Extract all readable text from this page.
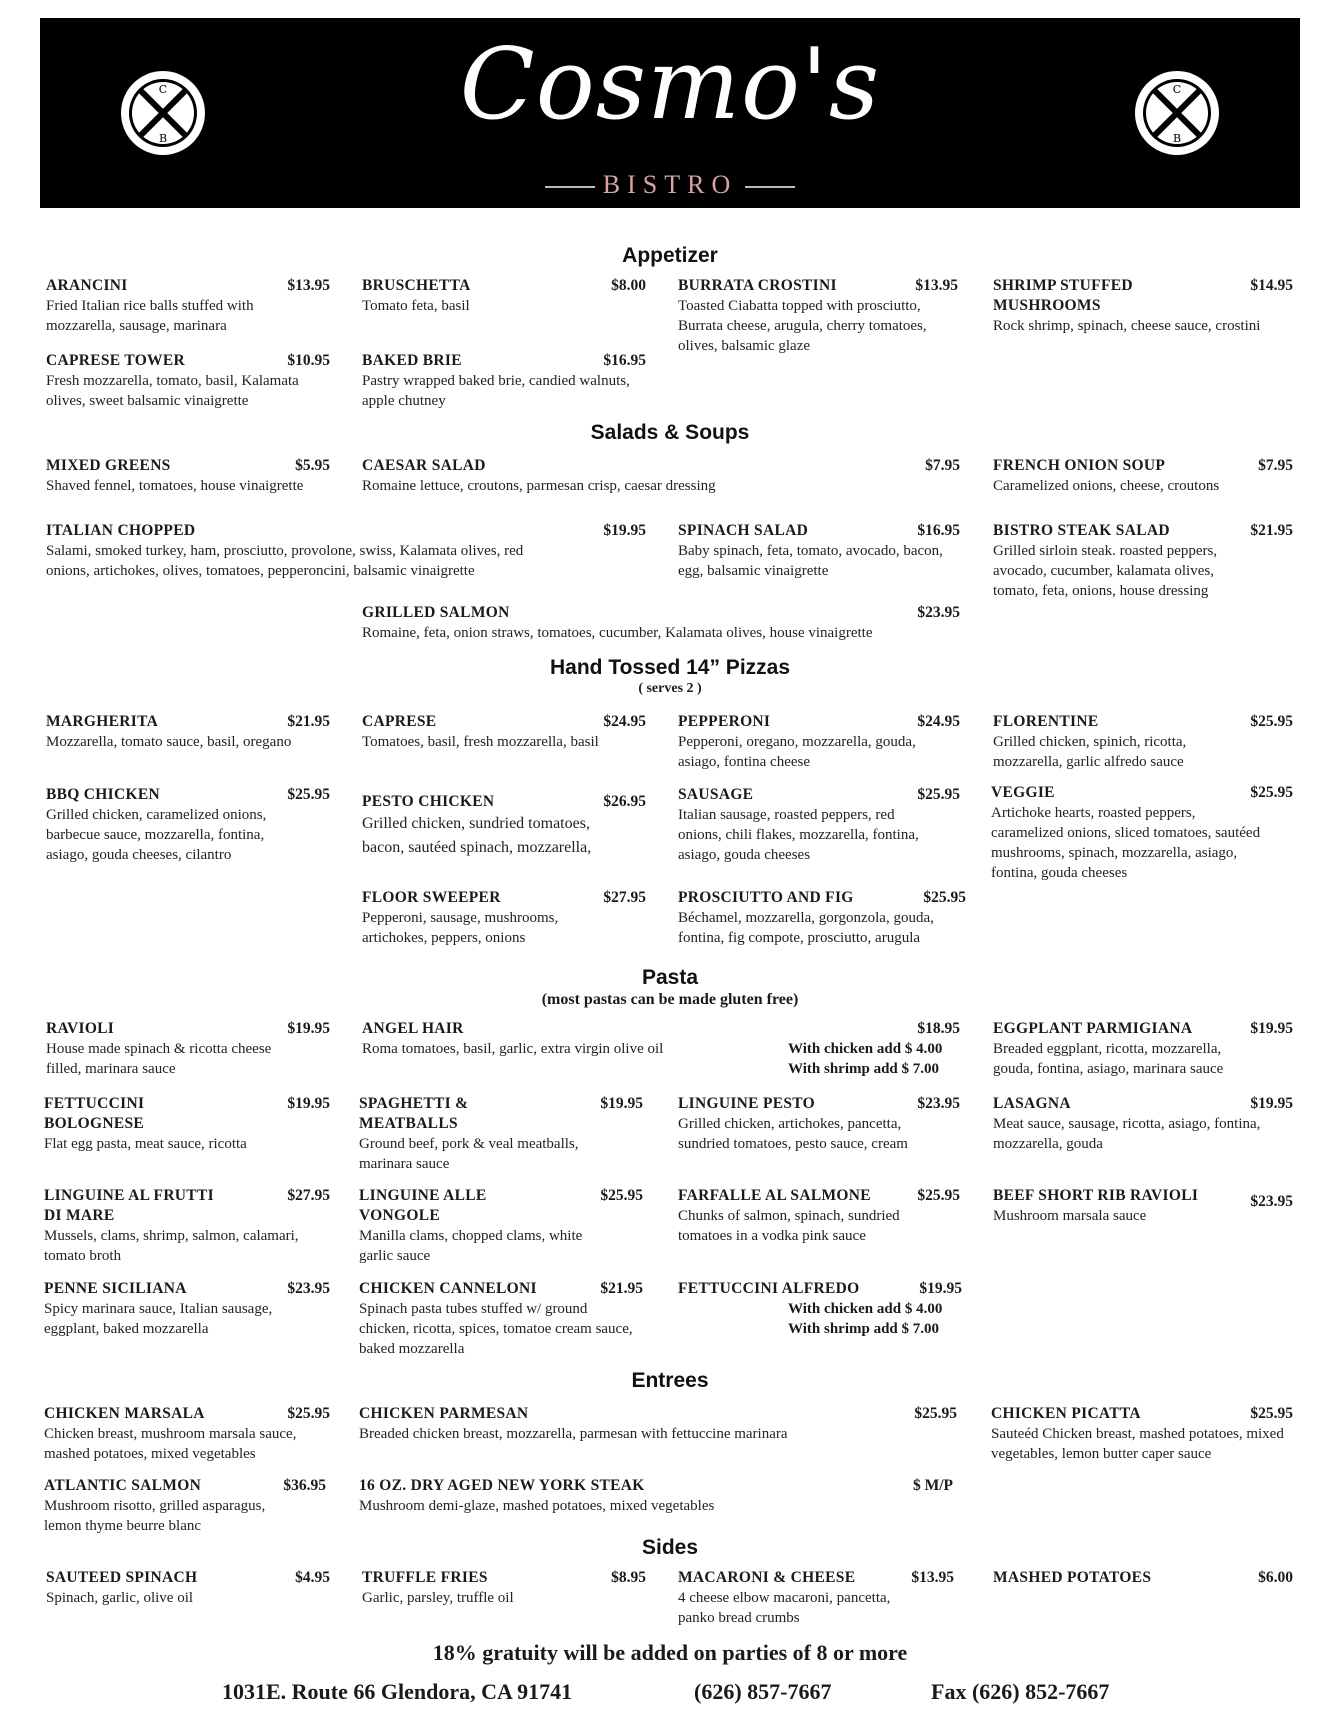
C
B
C
B
Cosmo's
BISTRO
Appetizer
ARANCINI	$13.95
Fried Italian rice balls stuffed with mozzarella, sausage, marinara
BRUSCHETTA	$8.00
Tomato feta, basil
BURRATA CROSTINI	$13.95
Toasted Ciabatta topped with prosciutto, Burrata cheese, arugula, cherry tomatoes, olives, balsamic glaze
SHRIMP STUFFED MUSHROOMS
$14.95
Rock shrimp, spinach, cheese sauce, crostini
CAPRESE TOWER	$10.95
Fresh mozzarella, tomato, basil, Kalamata olives, sweet balsamic vinaigrette
BAKED BRIE	$16.95
Pastry wrapped baked brie, candied walnuts, apple chutney
Salads & Soups
MIXED GREENS	$5.95
Shaved fennel, tomatoes, house vinaigrette
CAESAR SALAD	$7.95
Romaine lettuce, croutons, parmesan crisp, caesar dressing
FRENCH ONION SOUP	$7.95
Caramelized onions, cheese, croutons
ITALIAN CHOPPED	$19.95
Salami, smoked turkey, ham, prosciutto, provolone, swiss, Kalamata olives, red onions, artichokes, olives, tomatoes, pepperoncini, balsamic vinaigrette
SPINACH SALAD	$16.95
Baby spinach, feta, tomato, avocado, bacon, egg, balsamic vinaigrette
BISTRO STEAK SALAD	$21.95
Grilled sirloin steak. roasted peppers, avocado, cucumber, kalamata olives, tomato, feta, onions, house dressing
GRILLED SALMON	$23.95
Romaine, feta, onion straws, tomatoes, cucumber, Kalamata olives, house vinaigrette
Hand Tossed 14” Pizzas
( serves 2 )
MARGHERITA	$21.95
Mozzarella, tomato sauce, basil, oregano
CAPRESE	$24.95
Tomatoes, basil, fresh mozzarella, basil
PEPPERONI	$24.95
Pepperoni, oregano, mozzarella, gouda, asiago, fontina cheese
FLORENTINE	$25.95
Grilled chicken, spinich, ricotta, mozzarella, garlic alfredo sauce
BBQ CHICKEN	$25.95
Grilled chicken, caramelized onions, barbecue sauce, mozzarella, fontina, asiago, gouda cheeses, cilantro
PESTO CHICKEN	$26.95
Grilled chicken, sundried tomatoes, bacon, sautéed spinach, mozzarella,
SAUSAGE	$25.95
Italian sausage, roasted peppers, red onions, chili flakes, mozzarella, fontina, asiago, gouda cheeses
VEGGIE	$25.95
Artichoke hearts, roasted peppers, caramelized onions, sliced tomatoes, sautéed mushrooms, spinach, mozzarella, asiago, fontina, gouda cheeses
FLOOR SWEEPER	$27.95
Pepperoni, sausage, mushrooms, artichokes, peppers, onions
PROSCIUTTO AND FIG	$25.95
Béchamel, mozzarella, gorgonzola, gouda, fontina, fig compote, prosciutto, arugula
Pasta
(most pastas can be made gluten free)
RAVIOLI	$19.95
House made spinach & ricotta cheese filled, marinara sauce
ANGEL HAIR	$18.95
Roma tomatoes, basil, garlic, extra virgin olive oil	With chicken add $ 4.00
With shrimp add $ 7.00
EGGPLANT PARMIGIANA	$19.95
Breaded eggplant, ricotta, mozzarella, gouda, fontina, asiago, marinara sauce
FETTUCCINI BOLOGNESE
$19.95
Flat egg pasta, meat sauce, ricotta
SPAGHETTI & MEATBALLS
$19.95
Ground beef, pork & veal meatballs, marinara sauce
LINGUINE PESTO	$23.95
Grilled chicken, artichokes, pancetta, sundried tomatoes, pesto sauce, cream
LASAGNA	$19.95
Meat sauce, sausage, ricotta, asiago, fontina, mozzarella, gouda
LINGUINE AL FRUTTI DI MARE
$27.95
Mussels, clams, shrimp, salmon, calamari, tomato broth
LINGUINE ALLE VONGOLE
$25.95
Manilla clams, chopped clams, white garlic sauce
FARFALLE AL SALMONE	$25.95
Chunks of salmon, spinach, sundried tomatoes in a vodka pink sauce
BEEF SHORT RIB RAVIOLI	$23.95
Mushroom marsala sauce
PENNE SICILIANA	$23.95
Spicy marinara sauce, Italian sausage, eggplant, baked mozzarella
CHICKEN CANNELONI	$21.95
Spinach pasta tubes stuffed w/ ground chicken, ricotta, spices, tomatoe cream sauce, baked mozzarella
FETTUCCINI ALFREDO	$19.95
With chicken add $ 4.00
With shrimp add $ 7.00
Entrees
CHICKEN MARSALA	$25.95
Chicken breast, mushroom marsala sauce, mashed potatoes, mixed vegetables
CHICKEN PARMESAN	$25.95
Breaded chicken breast, mozzarella, parmesan with fettuccine marinara
CHICKEN PICATTA	$25.95
Sauteéd Chicken breast, mashed potatoes, mixed vegetables, lemon butter caper sauce
ATLANTIC SALMON	$36.95
Mushroom risotto, grilled asparagus, lemon thyme beurre blanc
16 OZ. DRY AGED NEW YORK STEAK	$ M/P
Mushroom demi-glaze, mashed potatoes, mixed vegetables
Sides
SAUTEED SPINACH	$4.95
Spinach, garlic, olive oil
TRUFFLE FRIES	$8.95
Garlic, parsley, truffle oil
MACARONI & CHEESE	$13.95
4 cheese elbow macaroni, pancetta, panko bread crumbs
MASHED POTATOES	$6.00
18% gratuity will be added on parties of 8 or more
1031E. Route 66 Glendora, CA 91741	(626) 857-7667	Fax (626) 852-7667
